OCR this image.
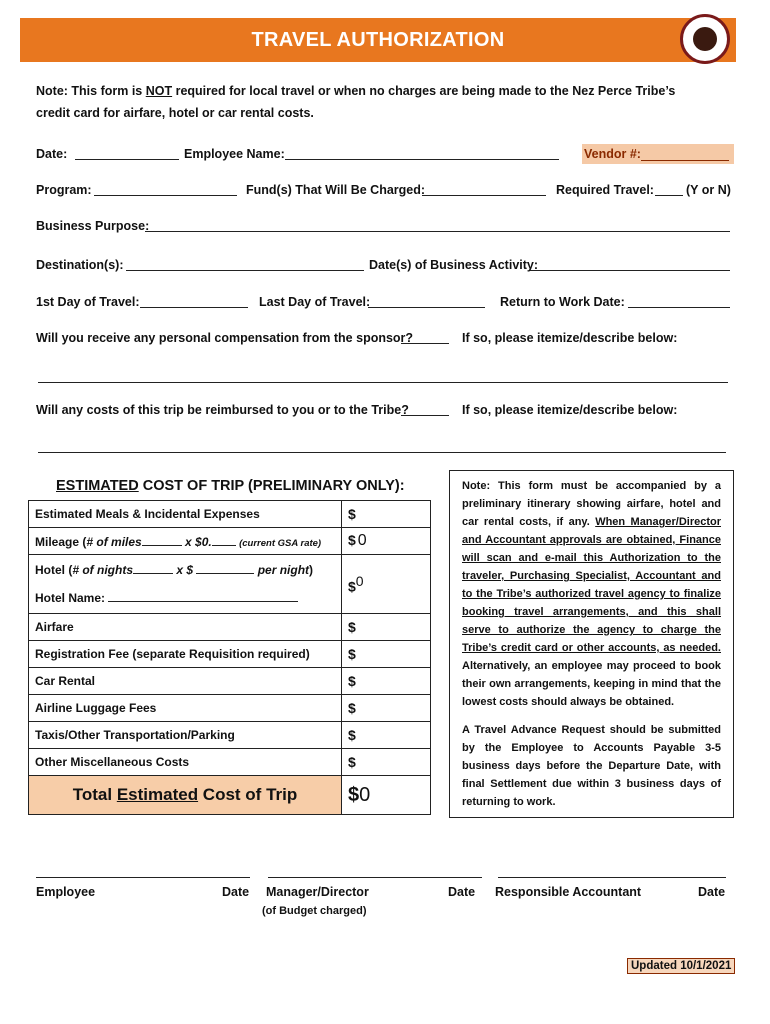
TRAVEL AUTHORIZATION
Note: This form is NOT required for local travel or when no charges are being made to the Nez Perce Tribe’s
credit card for airfare, hotel or car rental costs.
Date:	Employee Name:	Vendor #:
Program:	Fund(s) That Will Be Charged:	Required Travel:	(Y or N)
Business Purpose:
Destination(s):	Date(s) of Business Activity:
1st Day of Travel:	Last Day of Travel:	Return to Work Date:
Will you receive any personal compensation from the sponsor?	If so, please itemize/describe below:
Will any costs of this trip be reimbursed to you or to the Tribe?	If so, please itemize/describe below:
ESTIMATED COST OF TRIP (PRELIMINARY ONLY):
Estimated Meals & Incidental Expenses	$
Mileage (# of miles x $0. (current GSA rate)	$ 0
Hotel (# of nights x $ per night)
Hotel Name:	\$$^0$
Airfare	$
Registration Fee (separate Requisition required)	$
Car Rental	$
Airline Luggage Fees	$
Taxis/Other Transportation/Parking	$
Other Miscellaneous Costs	$
Total Estimated Cost of Trip	$0

Note: This form must be accompanied by a preliminary itinerary showing airfare, hotel and car rental costs, if any. When Manager/Director and Accountant approvals are obtained, Finance will scan and e-mail this Authorization to the traveler, Purchasing Specialist, Accountant and to the Tribe’s authorized travel agency to finalize booking travel arrangements, and this shall serve to authorize the agency to charge the Tribe’s credit card or other accounts, as needed. Alternatively, an employee may proceed to book their own arrangements, keeping in mind that the lowest costs should always be obtained.

A Travel Advance Request should be submitted by the Employee to Accounts Payable 3-5 business days before the Departure Date, with final Settlement due within 3 business days of returning to work.

Employee	Date Manager/Director	Date Responsible Accountant	Date
(of Budget charged)
Updated 10/1/2021
